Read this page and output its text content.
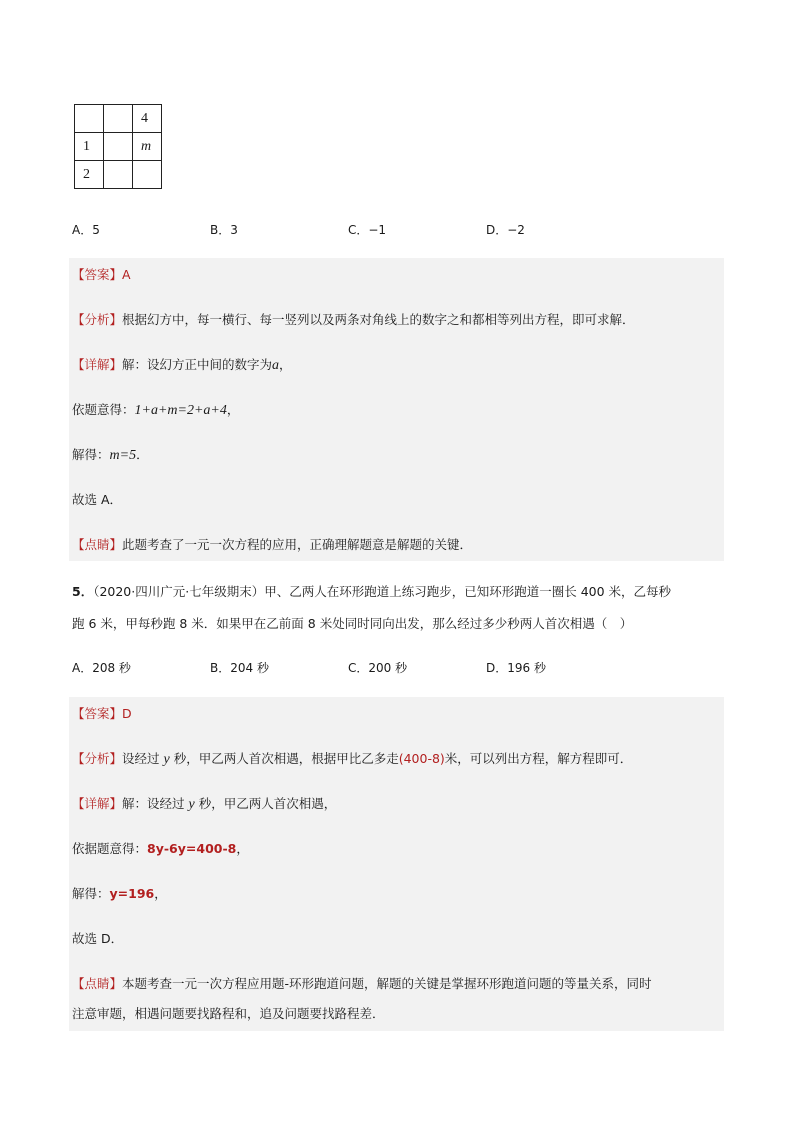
		4
1		m
2		
A．5	B．3	C．−1	D．−2
【答案】A
【分析】根据幻方中，每一横行、每一竖列以及两条对角线上的数字之和都相等列出方程，即可求解．
【详解】解：设幻方正中间的数字为a，
依题意得：1+a+m=2+a+4，
解得：m=5．
故选 A．
【点睛】此题考查了一元一次方程的应用，正确理解题意是解题的关键．
5．（2020·四川广元·七年级期末）甲、乙两人在环形跑道上练习跑步，已知环形跑道一圈长 400 米，乙每秒
跑 6 米，甲每秒跑 8 米．如果甲在乙前面 8 米处同时同向出发，那么经过多少秒两人首次相遇（　）
A．208 秒	B．204 秒	C．200 秒	D．196 秒
【答案】D
【分析】设经过 y 秒，甲乙两人首次相遇，根据甲比乙多走(400-8)米，可以列出方程，解方程即可．
【详解】解：设经过 y 秒，甲乙两人首次相遇，
依据题意得：8y-6y=400-8，
解得：y=196，
故选 D．
【点睛】本题考查一元一次方程应用题-环形跑道问题，解题的关键是掌握环形跑道问题的等量关系，同时
注意审题，相遇问题要找路程和，追及问题要找路程差．
